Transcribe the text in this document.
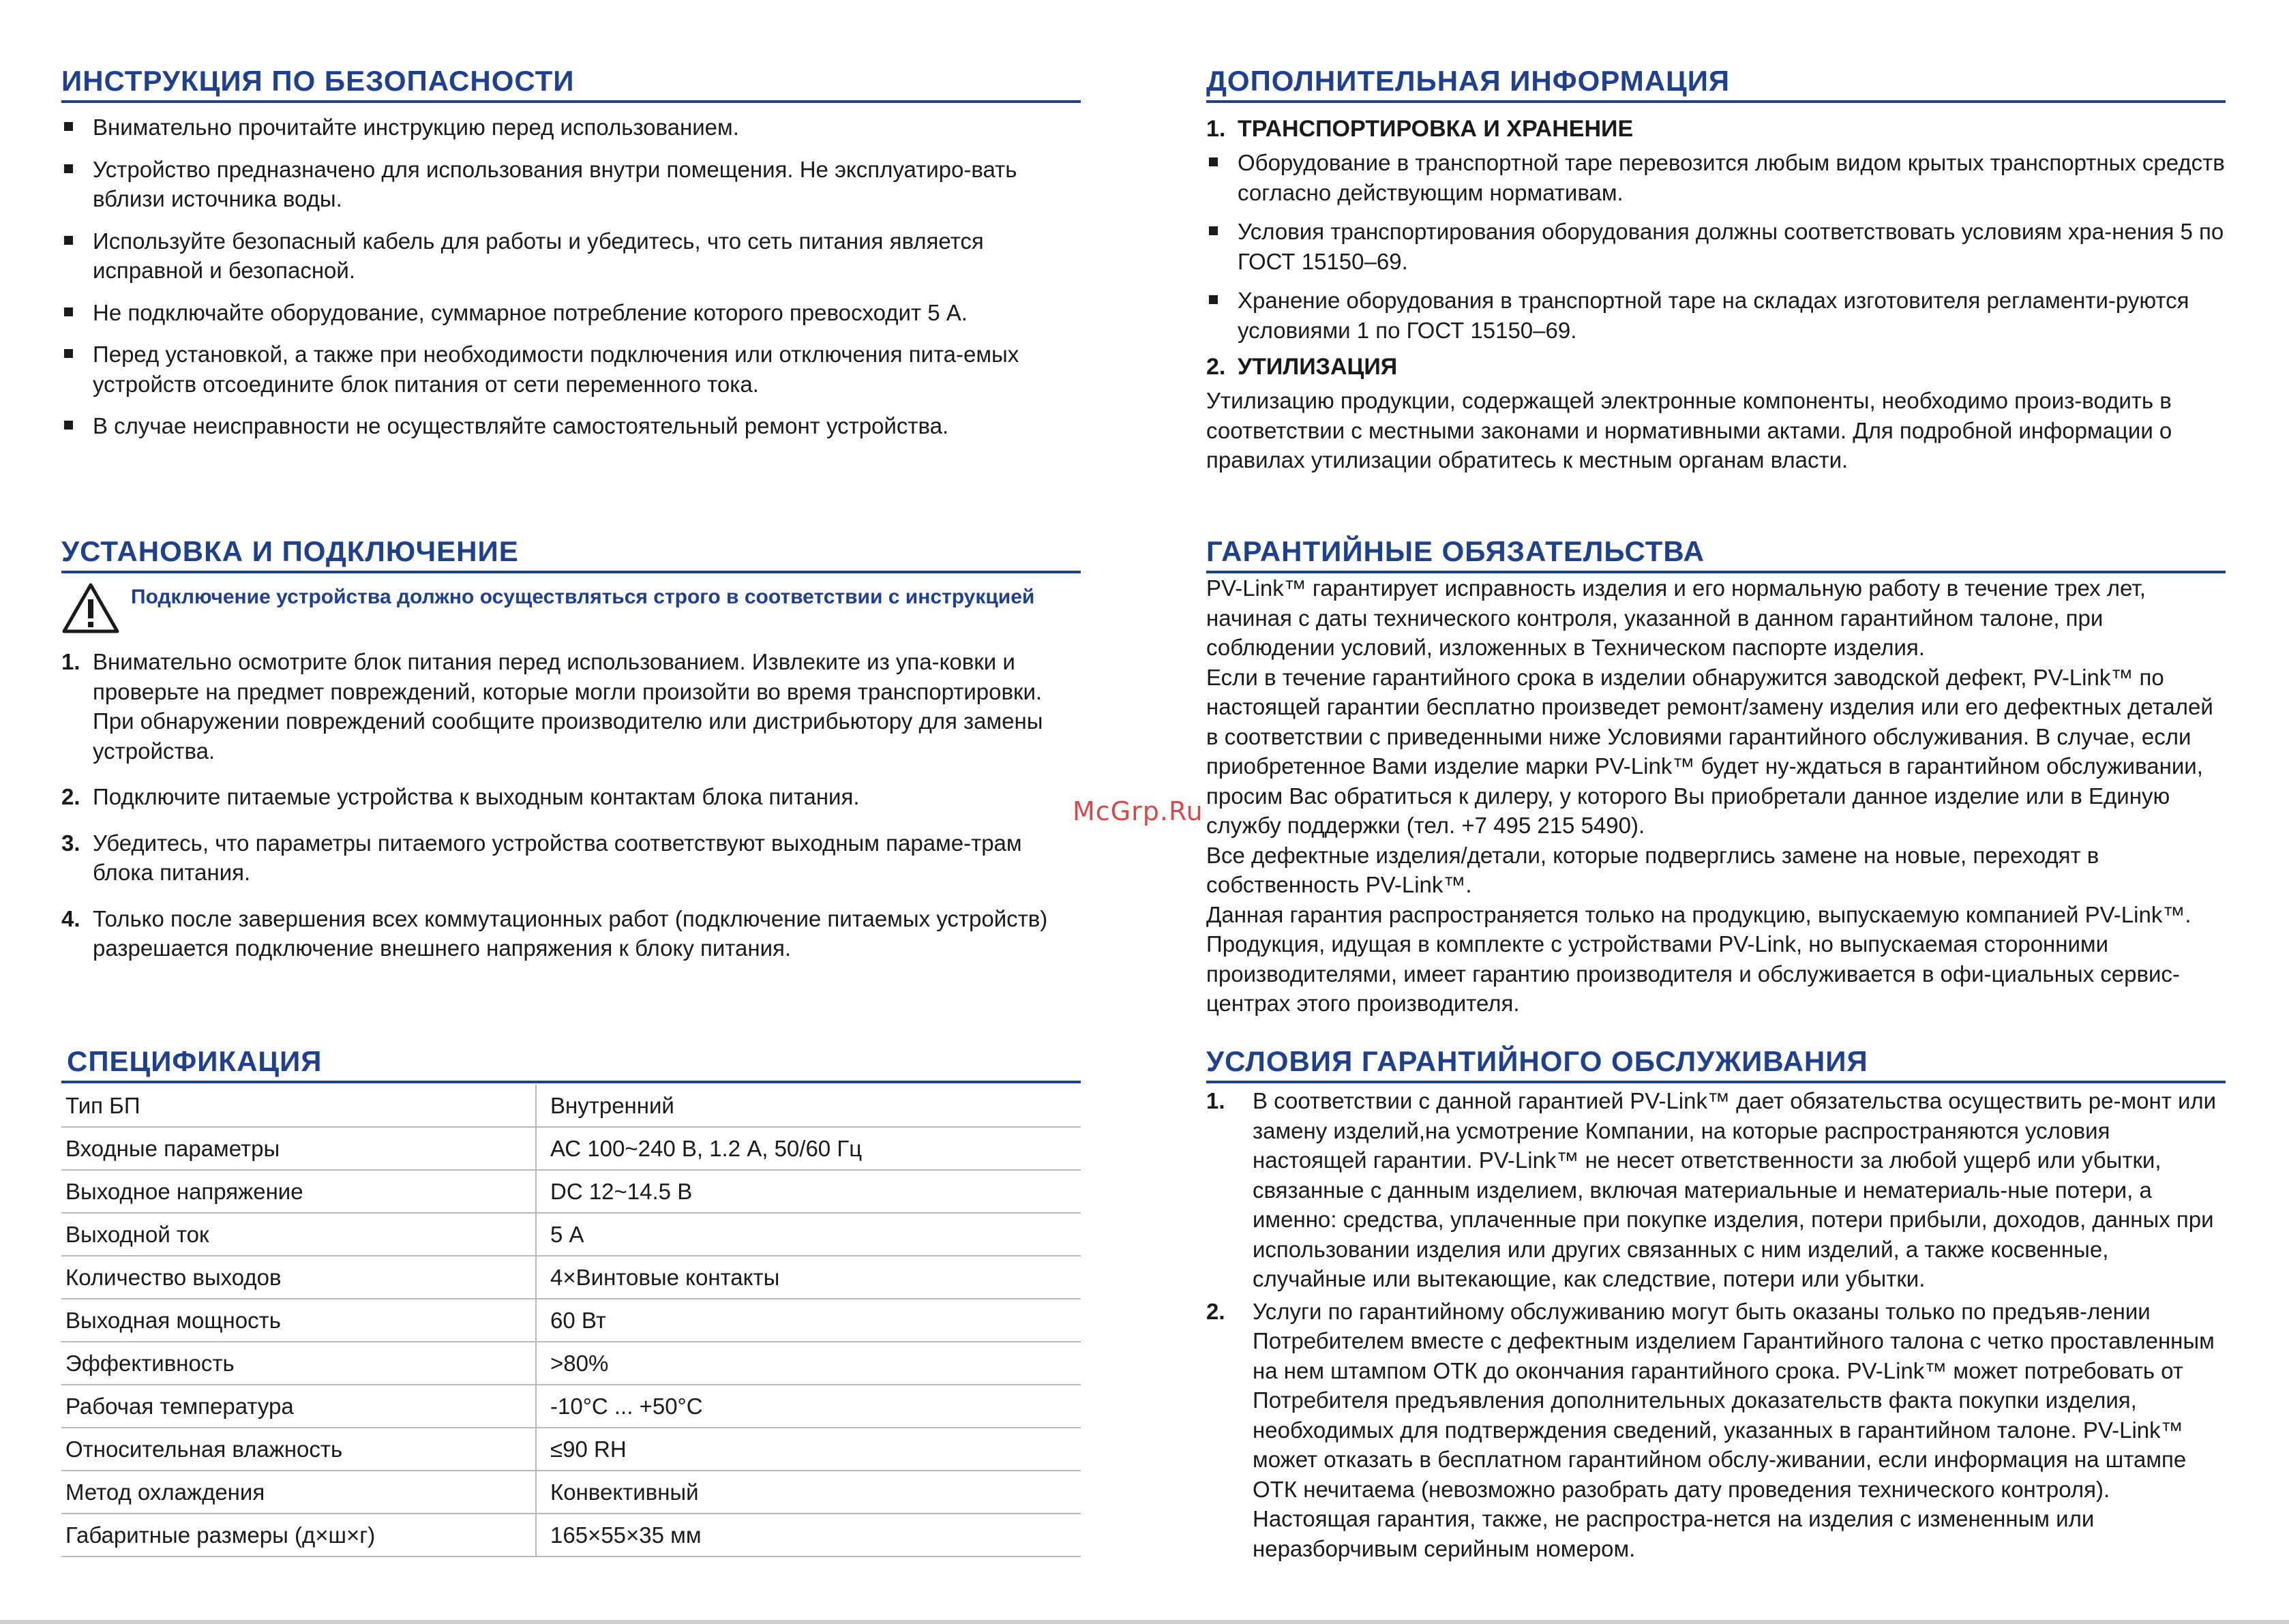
ИНСТРУКЦИЯ ПО БЕЗОПАСНОСТИ
Внимательно прочитайте инструкцию перед использованием.
Устройство предназначено для использования внутри помещения. Не эксплуатиро-вать вблизи источника воды.
Используйте безопасный кабель для работы и убедитесь, что сеть питания является исправной и безопасной.
Не подключайте оборудование, суммарное потребление которого превосходит 5 А.
Перед установкой, а также при необходимости подключения или отключения пита-емых устройств отсоедините блок питания от сети переменного тока.
В случае неисправности не осуществляйте самостоятельный ремонт устройства.
УСТАНОВКА И ПОДКЛЮЧЕНИЕ
Подключение устройства должно осуществляться строго в соответствии с инструкцией
1. Внимательно осмотрите блок питания перед использованием. Извлеките из упа-ковки и проверьте на предмет повреждений, которые могли произойти во время транспортировки. При обнаружении повреждений сообщите производителю или дистрибьютору для замены устройства.
2. Подключите питаемые устройства к выходным контактам блока питания.
3. Убедитесь, что параметры питаемого устройства соответствуют выходным параме-трам блока питания.
4. Только после завершения всех коммутационных работ (подключение питаемых устройств) разрешается подключение внешнего напряжения к блоку питания.
СПЕЦИФИКАЦИЯ
Тип БП	Внутренний
Входные параметры	АС 100~240 В, 1.2 А, 50/60 Гц
Выходное напряжение	DC 12~14.5 В
Выходной ток	5 А
Количество выходов	4×Винтовые контакты
Выходная мощность	60 Вт
Эффективность	>80%
Рабочая температура	-10°С ... +50°С
Относительная влажность	≤90 RH
Метод охлаждения	Конвективный
Габаритные размеры (д×ш×г)	165×55×35 мм
ДОПОЛНИТЕЛЬНАЯ ИНФОРМАЦИЯ
1. ТРАНСПОРТИРОВКА И ХРАНЕНИЕ
Оборудование в транспортной таре перевозится любым видом крытых транспортных средств согласно действующим нормативам.
Условия транспортирования оборудования должны соответствовать условиям хра-нения 5 по ГОСТ 15150–69.
Хранение оборудования в транспортной таре на складах изготовителя регламенти-руются условиями 1 по ГОСТ 15150–69.
2. УТИЛИЗАЦИЯ

Утилизацию продукции, содержащей электронные компоненты, необходимо произ-водить в соответствии с местными законами и нормативными актами. Для подробной информации о правилах утилизации обратитесь к местным органам власти.

ГАРАНТИЙНЫЕ ОБЯЗАТЕЛЬСТВА

PV-Link™ гарантирует исправность изделия и его нормальную работу в течение трех лет, начиная с даты технического контроля, указанной в данном гарантийном талоне, при соблюдении условий, изложенных в Техническом паспорте изделия.

Если в течение гарантийного срока в изделии обнаружится заводской дефект, PV-Link™ по настоящей гарантии бесплатно произведет ремонт/замену изделия или его дефектных деталей в соответствии с приведенными ниже Условиями гарантийного обслуживания. В случае, если приобретенное Вами изделие марки PV-Link™ будет ну-ждаться в гарантийном обслуживании, просим Вас обратиться к дилеру, у которого Вы приобретали данное изделие или в Единую службу поддержки (тел. +7 495 215 5490).

Все дефектные изделия/детали, которые подверглись замене на новые, переходят в собственность PV-Link™.

Данная гарантия распространяется только на продукцию, выпускаемую компанией PV-Link™. Продукция, идущая в комплекте с устройствами PV-Link, но выпускаемая сторонними производителями, имеет гарантию производителя и обслуживается в офи-циальных сервис-центрах этого производителя.

УСЛОВИЯ ГАРАНТИЙНОГО ОБСЛУЖИВАНИЯ
1. В соответствии с данной гарантией PV-Link™ дает обязательства осуществить ре-монт или замену изделий,на усмотрение Компании, на которые распространяются условия настоящей гарантии. PV-Link™ не несет ответственности за любой ущерб или убытки, связанные с данным изделием, включая материальные и нематериаль-ные потери, а именно: средства, уплаченные при покупке изделия, потери прибыли, доходов, данных при использовании изделия или других связанных с ним изделий, а также косвенные, случайные или вытекающие, как следствие, потери или убытки.
2. Услуги по гарантийному обслуживанию могут быть оказаны только по предъяв-лении Потребителем вместе с дефектным изделием Гарантийного талона с четко проставленным на нем штампом ОТК до окончания гарантийного срока. PV-Link™ может потребовать от Потребителя предъявления дополнительных доказательств факта покупки изделия, необходимых для подтверждения сведений, указанных в гарантийном талоне. PV-Link™ может отказать в бесплатном гарантийном обслу-живании, если информация на штампе ОТК нечитаема (невозможно разобрать дату проведения технического контроля). Настоящая гарантия, также, не распростра-нется на изделия с измененным или неразборчивым серийным номером.
McGrp.Ru
